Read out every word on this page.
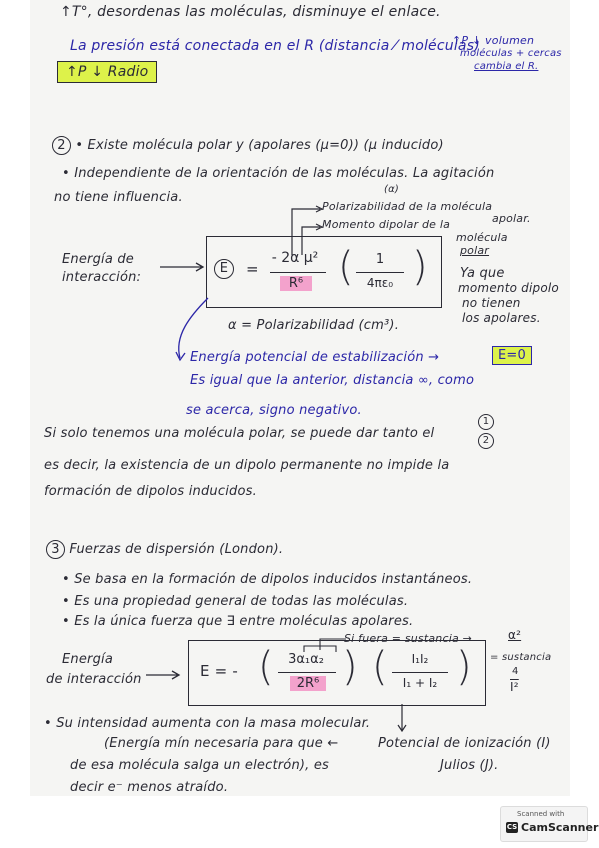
↑T°, desordenas las moléculas, disminuye el enlace.
La presión está conectada en el R (distancia ⁄ moléculas)
↑P ↓ volumen
moléculas + cercas
cambia el R.
↑P ↓ Radio
2 • Existe molécula polar y (apolares (μ=0)) (μ inducido)
• Independiente de la orientación de las moléculas. La agitación
(α)
no tiene influencia.
Polarizabilidad de la molécula
apolar.
Momento dipolar de la
molécula
polar
Energía de
interacción:
E	=
- 2α μ²
R⁶ (	1
4πε₀ ) Ya que
momento dipolo
no tienen
los apolares.
α = Polarizabilidad (cm³).
Energía potencial de estabilización →	E=0
Es igual que la anterior, distancia ∞, como
se acerca, signo negativo.
Si solo tenemos una molécula polar, se puede dar tanto el
1
2
es decir, la existencia de un dipolo permanente no impide la
formación de dipolos inducidos.
3 Fuerzas de dispersión (London).
• Se basa en la formación de dipolos inducidos instantáneos.
• Es una propiedad general de todas las moléculas.
• Es la única fuerza que ∃ entre moléculas apolares.
Si fuera = sustancia →	α²
= sustancia
4
I²
Energía
de interacción	E = - (	3α₁α₂
2R⁶ ) (	I₁I₂
I₁ + I₂ )
• Su intensidad aumenta con la masa molecular.
(Energía mín necesaria para que ←	Potencial de ionización (I)
de esa molécula salga un electrón), es	Julios (J).
decir e⁻ menos atraído.
Scanned with
CS CamScanner
